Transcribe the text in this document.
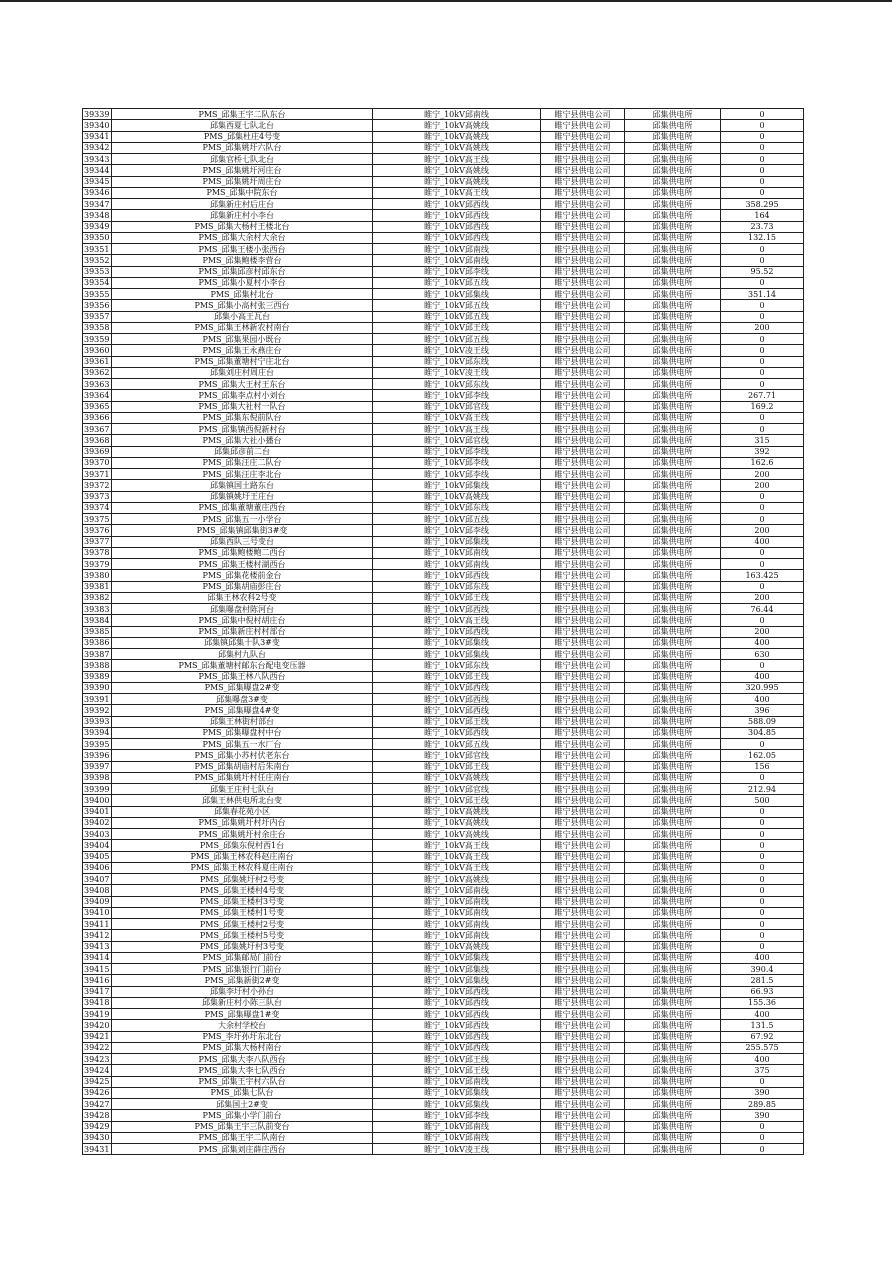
39339	PMS_邱集王宇二队东台	睢宁_10kV邱南线	睢宁县供电公司	邱集供电所	0
39340	邱集西夏七队北台	睢宁_10kV高姚线	睢宁县供电公司	邱集供电所	0
39341	PMS_邱集杜庄4号变	睢宁_10kV高姚线	睢宁县供电公司	邱集供电所	0
39342	PMS_邱集姚圩六队台	睢宁_10kV高姚线	睢宁县供电公司	邱集供电所	0
39343	邱集官桥七队北台	睢宁_10kV高王线	睢宁县供电公司	邱集供电所	0
39344	PMS_邱集姚圩河庄台	睢宁_10kV高姚线	睢宁县供电公司	邱集供电所	0
39345	PMS_邱集姚圩周庄台	睢宁_10kV高姚线	睢宁县供电公司	邱集供电所	0
39346	PMS_邱集中院东台	睢宁_10kV高王线	睢宁县供电公司	邱集供电所	0
39347	邱集新庄村后庄台	睢宁_10kV邱西线	睢宁县供电公司	邱集供电所	358.295
39348	邱集新庄村小李台	睢宁_10kV邱西线	睢宁县供电公司	邱集供电所	164
39349	PMS_邱集大杨村王楼北台	睢宁_10kV邱西线	睢宁县供电公司	邱集供电所	23.73
39350	PMS_邱集大余村大余台	睢宁_10kV邱西线	睢宁县供电公司	邱集供电所	132.15
39351	PMS_邱集王楼小张西台	睢宁_10kV邱南线	睢宁县供电公司	邱集供电所	0
39352	PMS_邱集鲍楼李营台	睢宁_10kV邱南线	睢宁县供电公司	邱集供电所	0
39353	PMS_邱集邱彦村邱东台	睢宁_10kV邱李线	睢宁县供电公司	邱集供电所	95.52
39354	PMS_邱集小夏村小李台	睢宁_10kV邱五线	睢宁县供电公司	邱集供电所	0
39355	PMS_邱集村北台	睢宁_10kV邱集线	睢宁县供电公司	邱集供电所	351.14
39356	PMS_邱集小高村张三西台	睢宁_10kV邱五线	睢宁县供电公司	邱集供电所	0
39357	邱集小高王瓦台	睢宁_10kV邱五线	睢宁县供电公司	邱集供电所	0
39358	PMS_邱集王林新农村南台	睢宁_10kV邱王线	睢宁县供电公司	邱集供电所	200
39359	PMS_邱集果园小既台	睢宁_10kV邱五线	睢宁县供电公司	邱集供电所	0
39360	PMS_邱集王永燕庄台	睢宁_10kV凌王线	睢宁县供电公司	邱集供电所	0
39361	PMS_邱集董塘村宁庄北台	睢宁_10kV邱东线	睢宁县供电公司	邱集供电所	0
39362	邱集刘庄村周庄台	睢宁_10kV凌王线	睢宁县供电公司	邱集供电所	0
39363	PMS_邱集大王村王东台	睢宁_10kV邱东线	睢宁县供电公司	邱集供电所	0
39364	PMS_邱集李点村小刘台	睢宁_10kV邱李线	睢宁县供电公司	邱集供电所	267.71
39365	PMS_邱集大社村一队台	睢宁_10kV邱官线	睢宁县供电公司	邱集供电所	169.2
39366	PMS_邱集东倪前队台	睢宁_10kV高王线	睢宁县供电公司	邱集供电所	0
39367	PMS_邱集镇西倪新村台	睢宁_10kV高王线	睢宁县供电公司	邱集供电所	0
39368	PMS_邱集大社小播台	睢宁_10kV邱官线	睢宁县供电公司	邱集供电所	315
39369	邱集邱彦前二台	睢宁_10kV邱李线	睢宁县供电公司	邱集供电所	392
39370	PMS_邱集汪庄二队台	睢宁_10kV邱李线	睢宁县供电公司	邱集供电所	162.6
39371	PMS_邱集汪庄李北台	睢宁_10kV邱李线	睢宁县供电公司	邱集供电所	200
39372	邱集镇国土路东台	睢宁_10kV邱集线	睢宁县供电公司	邱集供电所	200
39373	邱集镇姚圩王庄台	睢宁_10kV高姚线	睢宁县供电公司	邱集供电所	0
39374	PMS_邱集董塘董庄西台	睢宁_10kV邱东线	睢宁县供电公司	邱集供电所	0
39375	PMS_邱集五一小学台	睢宁_10kV邱五线	睢宁县供电公司	邱集供电所	0
39376	PMS_邱集镇邱集街3#变	睢宁_10kV邱李线	睢宁县供电公司	邱集供电所	200
39377	邱集西队三号变台	睢宁_10kV邱集线	睢宁县供电公司	邱集供电所	400
39378	PMS_邱集鲍楼鲍二西台	睢宁_10kV邱南线	睢宁县供电公司	邱集供电所	0
39379	PMS_邱集王楼村湖西台	睢宁_10kV邱南线	睢宁县供电公司	邱集供电所	0
39380	PMS_邱集花楼前金台	睢宁_10kV邱西线	睢宁县供电公司	邱集供电所	163.425
39381	PMS_邱集胡庙彭庄台	睢宁_10kV邱东线	睢宁县供电公司	邱集供电所	0
39382	邱集王林农科2号变	睢宁_10kV邱王线	睢宁县供电公司	邱集供电所	200
39383	邱集曝盘村陈河台	睢宁_10kV邱西线	睢宁县供电公司	邱集供电所	76.44
39384	PMS_邱集中倪村胡庄台	睢宁_10kV高王线	睢宁县供电公司	邱集供电所	0
39385	PMS_邱集新庄村村部台	睢宁_10kV邱西线	睢宁县供电公司	邱集供电所	200
39386	邱集镇邱集十队3#变	睢宁_10kV邱集线	睢宁县供电公司	邱集供电所	400
39387	邱集村九队台	睢宁_10kV邱集线	睢宁县供电公司	邱集供电所	630
39388	PMS_邱集董塘村邮东台配电变压器	睢宁_10kV邱东线	睢宁县供电公司	邱集供电所	0
39389	PMS_邱集王林八队西台	睢宁_10kV邱王线	睢宁县供电公司	邱集供电所	400
39390	PMS_邱集曝盘2#变	睢宁_10kV邱西线	睢宁县供电公司	邱集供电所	320.995
39391	邱集曝盘3#变	睢宁_10kV邱西线	睢宁县供电公司	邱集供电所	400
39392	PMS_邱集曝盘4#变	睢宁_10kV邱西线	睢宁县供电公司	邱集供电所	396
39393	邱集王林街村部台	睢宁_10kV邱王线	睢宁县供电公司	邱集供电所	588.09
39394	PMS_邱集曝盘村中台	睢宁_10kV邱西线	睢宁县供电公司	邱集供电所	304.85
39395	PMS_邱集五一水厂台	睢宁_10kV邱五线	睢宁县供电公司	邱集供电所	0
39396	PMS_邱集小苏村伏老东台	睢宁_10kV邱官线	睢宁县供电公司	邱集供电所	162.05
39397	PMS_邱集胡庙村后朱南台	睢宁_10kV邱王线	睢宁县供电公司	邱集供电所	156
39398	PMS_邱集姚圩村任庄南台	睢宁_10kV高姚线	睢宁县供电公司	邱集供电所	0
39399	邱集王庄村七队台	睢宁_10kV邱官线	睢宁县供电公司	邱集供电所	212.94
39400	邱集王林供电所北台变	睢宁_10kV邱王线	睢宁县供电公司	邱集供电所	500
39401	邱集春花苑小区	睢宁_10kV高姚线	睢宁县供电公司	邱集供电所	0
39402	PMS_邱集姚圩村圩内台	睢宁_10kV高姚线	睢宁县供电公司	邱集供电所	0
39403	PMS_邱集姚圩村余庄台	睢宁_10kV高姚线	睢宁县供电公司	邱集供电所	0
39404	PMS_邱集东倪村西1台	睢宁_10kV高王线	睢宁县供电公司	邱集供电所	0
39405	PMS_邱集王林农科赵庄南台	睢宁_10kV高王线	睢宁县供电公司	邱集供电所	0
39406	PMS_邱集王林农科夏庄南台	睢宁_10kV高王线	睢宁县供电公司	邱集供电所	0
39407	PMS_邱集姚圩村2号变	睢宁_10kV高姚线	睢宁县供电公司	邱集供电所	0
39408	PMS_邱集王楼村4号变	睢宁_10kV邱南线	睢宁县供电公司	邱集供电所	0
39409	PMS_邱集王楼村3号变	睢宁_10kV邱南线	睢宁县供电公司	邱集供电所	0
39410	PMS_邱集王楼村1号变	睢宁_10kV邱南线	睢宁县供电公司	邱集供电所	0
39411	PMS_邱集王楼村2号变	睢宁_10kV邱南线	睢宁县供电公司	邱集供电所	0
39412	PMS_邱集王楼村5号变	睢宁_10kV邱南线	睢宁县供电公司	邱集供电所	0
39413	PMS_邱集姚圩村3号变	睢宁_10kV高姚线	睢宁县供电公司	邱集供电所	0
39414	PMS_邱集邮局门前台	睢宁_10kV邱集线	睢宁县供电公司	邱集供电所	400
39415	PMS_邱集银行门前台	睢宁_10kV邱集线	睢宁县供电公司	邱集供电所	390.4
39416	PMS_邱集新街2#变	睢宁_10kV邱集线	睢宁县供电公司	邱集供电所	281.5
39417	邱集李圩村小孙台	睢宁_10kV邱西线	睢宁县供电公司	邱集供电所	66.93
39418	邱集新庄村小陈三队台	睢宁_10kV邱西线	睢宁县供电公司	邱集供电所	155.36
39419	PMS_邱集曝盘1#变	睢宁_10kV邱西线	睢宁县供电公司	邱集供电所	400
39420	大余村学校台	睢宁_10kV邱西线	睢宁县供电公司	邱集供电所	131.5
39421	PMS_李圩孙圩东北台	睢宁_10kV邱西线	睢宁县供电公司	邱集供电所	67.92
39422	PMS_邱集大杨村南台	睢宁_10kV邱西线	睢宁县供电公司	邱集供电所	255.575
39423	PMS_邱集大李八队西台	睢宁_10kV邱王线	睢宁县供电公司	邱集供电所	400
39424	PMS_邱集大李七队西台	睢宁_10kV邱王线	睢宁县供电公司	邱集供电所	375
39425	PMS_邱集王宇村六队台	睢宁_10kV邱南线	睢宁县供电公司	邱集供电所	0
39426	PMS_邱集七队台	睢宁_10kV邱集线	睢宁县供电公司	邱集供电所	390
39427	邱集国土2#变	睢宁_10kV邱集线	睢宁县供电公司	邱集供电所	289.85
39428	PMS_邱集小学门前台	睢宁_10kV邱李线	睢宁县供电公司	邱集供电所	390
39429	PMS_邱集王宇三队前变台	睢宁_10kV邱南线	睢宁县供电公司	邱集供电所	0
39430	PMS_邱集王宇二队南台	睢宁_10kV邱南线	睢宁县供电公司	邱集供电所	0
39431	PMS_邱集刘庄薛庄西台	睢宁_10kV凌王线	睢宁县供电公司	邱集供电所	0
